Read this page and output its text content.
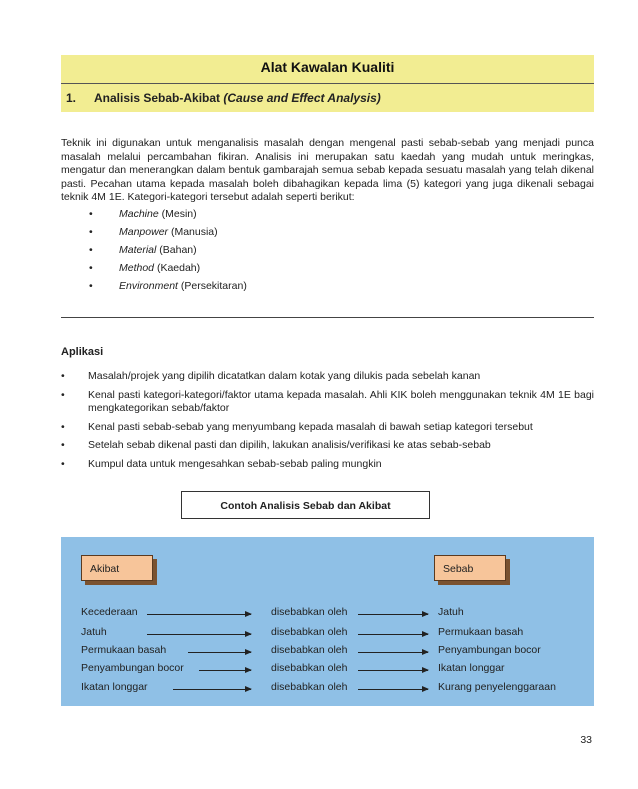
Alat Kawalan Kualiti
1. Analisis Sebab-Akibat (Cause and Effect Analysis)

Teknik ini digunakan untuk menganalisis masalah dengan mengenal pasti sebab-sebab yang menjadi punca masalah melalui percambahan fikiran. Analisis ini merupakan satu kaedah yang mudah untuk meringkas, mengatur dan menerangkan dalam bentuk gambarajah semua sebab kepada sesuatu masalah yang telah dikenal pasti. Pecahan utama kepada masalah boleh dibahagikan kepada lima (5) kategori yang juga dikenali sebagai teknik 4M 1E. Kategori-kategori tersebut adalah seperti berikut:

•	Machine (Mesin)
•	Manpower (Manusia)
•	Material (Bahan)
•	Method (Kaedah)
•	Environment (Persekitaran)
Aplikasi
• Masalah/projek yang dipilih dicatatkan dalam kotak yang dilukis pada sebelah kanan
• Kenal pasti kategori-kategori/faktor utama kepada masalah. Ahli KIK boleh menggunakan teknik 4M 1E bagi mengkategorikan sebab/faktor
• Kenal pasti sebab-sebab yang menyumbang kepada masalah di bawah setiap kategori tersebut
• Setelah sebab dikenal pasti dan dipilih, lakukan analisis/verifikasi ke atas sebab-sebab
• Kumpul data untuk mengesahkan sebab-sebab paling mungkin
Contoh Analisis Sebab dan Akibat
Akibat	Sebab
Kecederaan	disebabkan oleh	Jatuh
Jatuh	disebabkan oleh	Permukaan basah
Permukaan basah	disebabkan oleh	Penyambungan bocor
Penyambungan bocor	disebabkan oleh	Ikatan longgar
Ikatan longgar	disebabkan oleh	Kurang penyelenggaraan
33
